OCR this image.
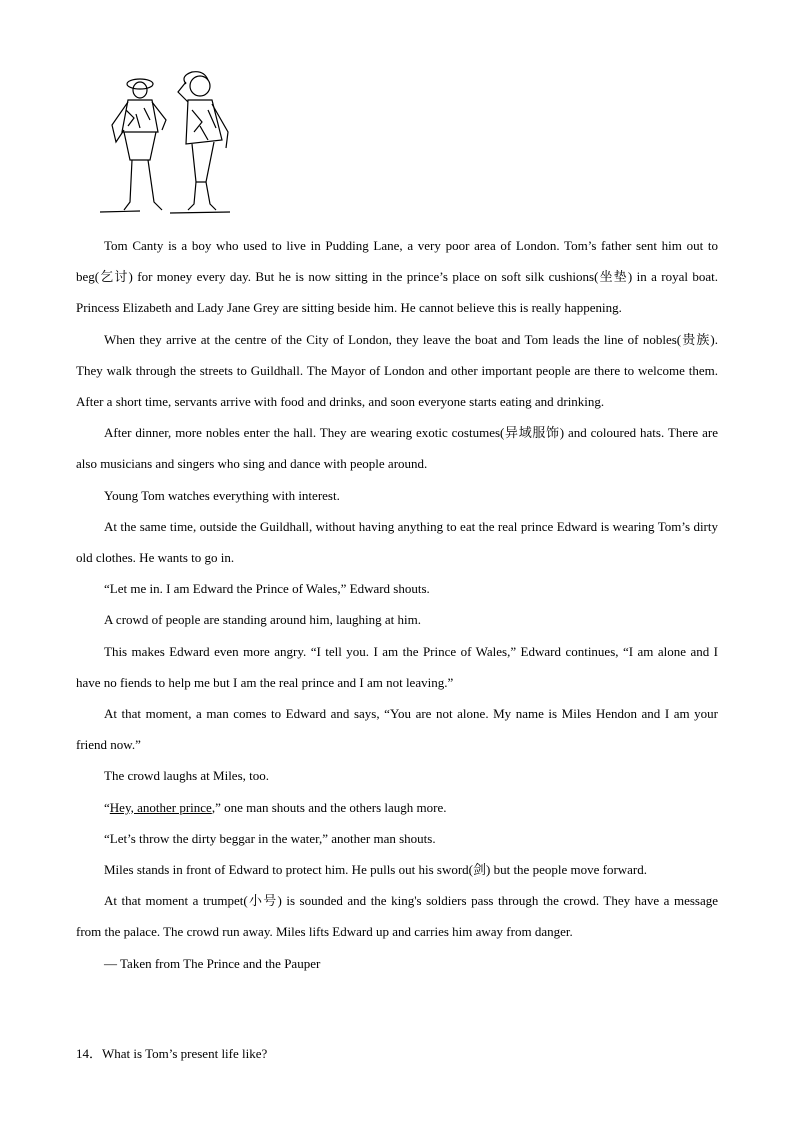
Tom Canty is a boy who used to live in Pudding Lane, a very poor area of London. Tom’s father sent him out to beg(乞讨) for money every day. But he is now sitting in the prince’s place on soft silk cushions(坐垫) in a royal boat. Princess Elizabeth and Lady Jane Grey are sitting beside him. He cannot believe this is really happening.

When they arrive at the centre of the City of London, they leave the boat and Tom leads the line of nobles(贵族). They walk through the streets to Guildhall. The Mayor of London and other important people are there to welcome them. After a short time, servants arrive with food and drinks, and soon everyone starts eating and drinking.

After dinner, more nobles enter the hall. They are wearing exotic costumes(异域服饰) and coloured hats. There are also musicians and singers who sing and dance with people around.

Young Tom watches everything with interest.

At the same time, outside the Guildhall, without having anything to eat the real prince Edward is wearing Tom’s dirty old clothes. He wants to go in.

“Let me in. I am Edward the Prince of Wales,” Edward shouts.

A crowd of people are standing around him, laughing at him.

This makes Edward even more angry. “I tell you. I am the Prince of Wales,” Edward continues, “I am alone and I have no fiends to help me but I am the real prince and I am not leaving.”

At that moment, a man comes to Edward and says, “You are not alone. My name is Miles Hendon and I am your friend now.”

The crowd laughs at Miles, too.

“Hey, another prince,” one man shouts and the others laugh more.

“Let’s throw the dirty beggar in the water,” another man shouts.

Miles stands in front of Edward to protect him. He pulls out his sword(剑) but the people move forward.

At that moment a trumpet(小号) is sounded and the king's soldiers pass through the crowd. They have a message from the palace. The crowd run away. Miles lifts Edward up and carries him away from danger.

— Taken from The Prince and the Pauper

14．What is Tom’s present life like?
